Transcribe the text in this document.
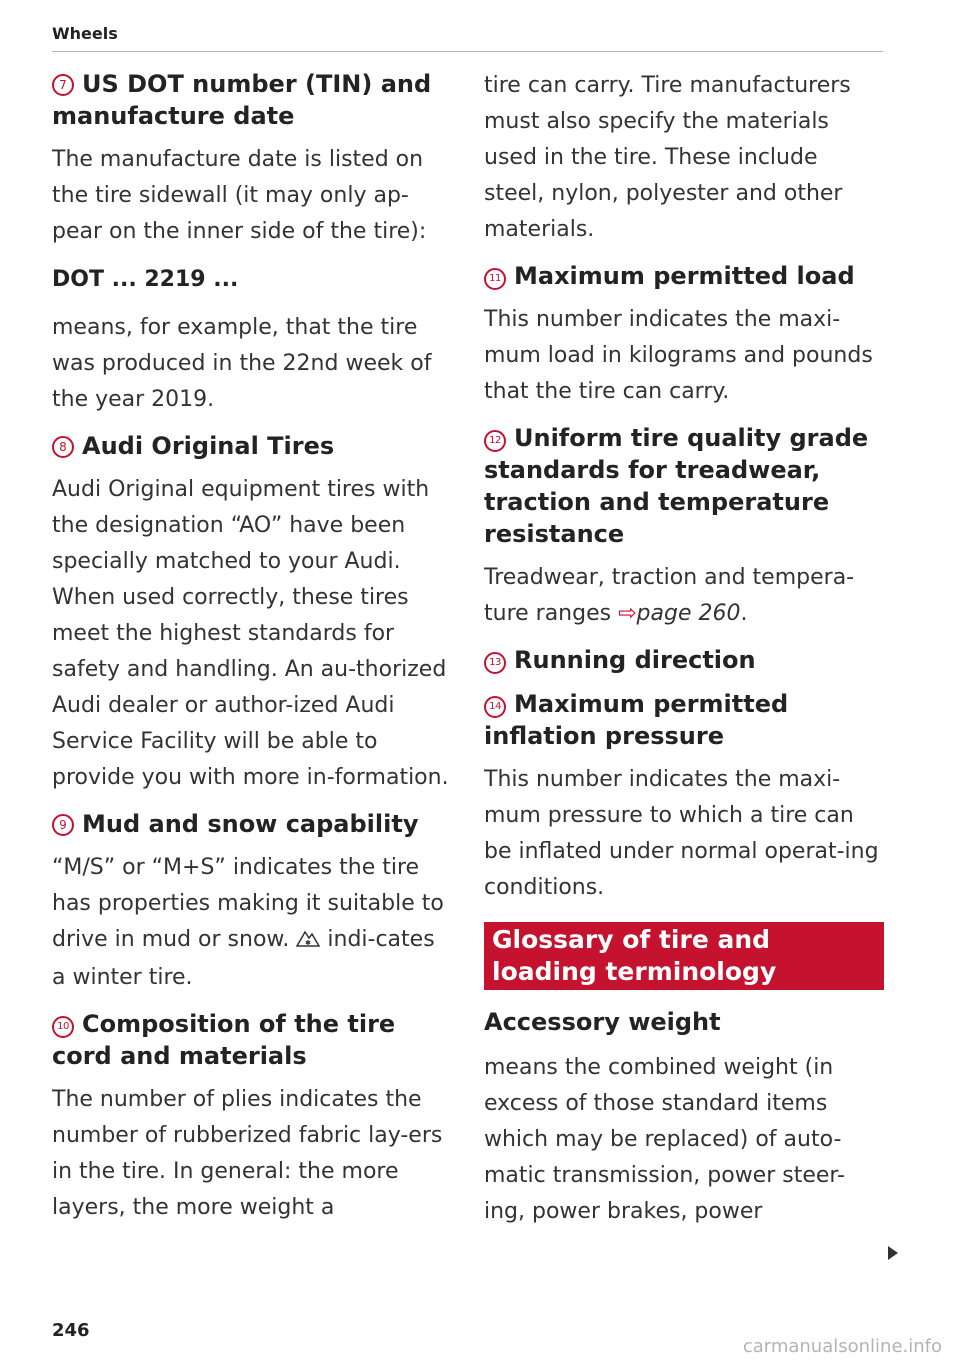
Wheels
7 US DOT number (TIN) and manufacture date

The manufacture date is listed on the tire sidewall (it may only ap-pear on the inner side of the tire):

DOT ... 2219 ...

means, for example, that the tire was produced in the 22nd week of the year 2019.

8 Audi Original Tires

Audi Original equipment tires with the designation “AO” have been specially matched to your Audi. When used correctly, these tires meet the highest standards for safety and handling. An au-thorized Audi dealer or author-ized Audi Service Facility will be able to provide you with more in-formation.

9 Mud and snow capability

“M/S” or “M+S” indicates the tire has properties making it suitable to drive in mud or snow. indi-cates a winter tire.

10 Composition of the tire cord and materials

The number of plies indicates the number of rubberized fabric lay-ers in the tire. In general: the more layers, the more weight a

tire can carry. Tire manufacturers must also specify the materials used in the tire. These include steel, nylon, polyester and other materials.

11 Maximum permitted load

This number indicates the maxi-mum load in kilograms and pounds that the tire can carry.

12 Uniform tire quality grade standards for treadwear, traction and temperature resistance

Treadwear, traction and tempera-ture ranges ⇨page 260.

13 Running direction
14 Maximum permitted inflation pressure

This number indicates the maxi-mum pressure to which a tire can be inflated under normal operat-ing conditions.

Glossary of tire and loading terminology
Accessory weight

means the combined weight (in excess of those standard items which may be replaced) of auto-matic transmission, power steer-ing, power brakes, power

246
carmanualsonline.info
